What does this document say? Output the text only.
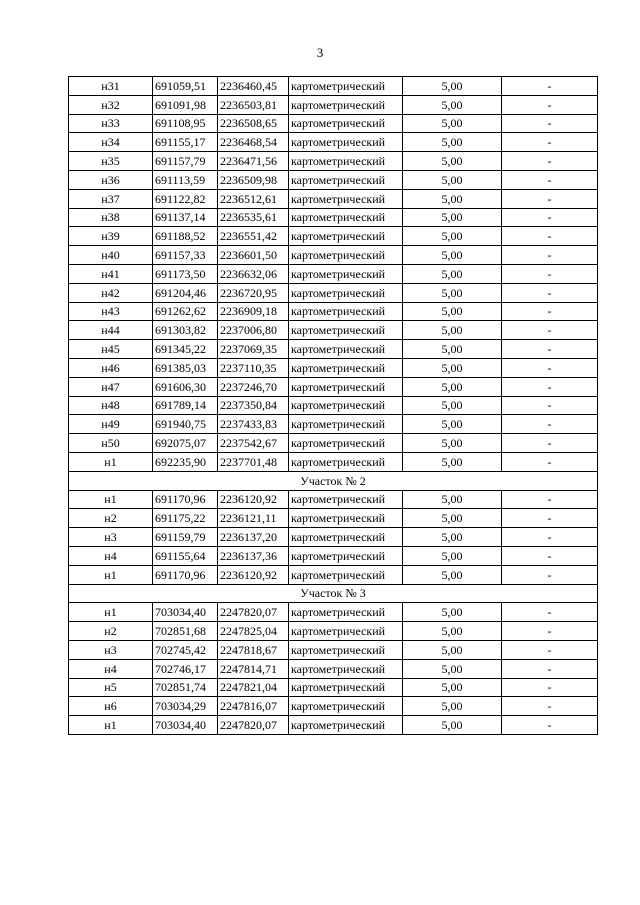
3
н31	691059,51	2236460,45	картометрический	5,00	-
н32	691091,98	2236503,81	картометрический	5,00	-
н33	691108,95	2236508,65	картометрический	5,00	-
н34	691155,17	2236468,54	картометрический	5,00	-
н35	691157,79	2236471,56	картометрический	5,00	-
н36	691113,59	2236509,98	картометрический	5,00	-
н37	691122,82	2236512,61	картометрический	5,00	-
н38	691137,14	2236535,61	картометрический	5,00	-
н39	691188,52	2236551,42	картометрический	5,00	-
н40	691157,33	2236601,50	картометрический	5,00	-
н41	691173,50	2236632,06	картометрический	5,00	-
н42	691204,46	2236720,95	картометрический	5,00	-
н43	691262,62	2236909,18	картометрический	5,00	-
н44	691303,82	2237006,80	картометрический	5,00	-
н45	691345,22	2237069,35	картометрический	5,00	-
н46	691385,03	2237110,35	картометрический	5,00	-
н47	691606,30	2237246,70	картометрический	5,00	-
н48	691789,14	2237350,84	картометрический	5,00	-
н49	691940,75	2237433,83	картометрический	5,00	-
н50	692075,07	2237542,67	картометрический	5,00	-
н1	692235,90	2237701,48	картометрический	5,00	-
Участок № 2					
н1	691170,96	2236120,92	картометрический	5,00	-
н2	691175,22	2236121,11	картометрический	5,00	-
н3	691159,79	2236137,20	картометрический	5,00	-
н4	691155,64	2236137,36	картометрический	5,00	-
н1	691170,96	2236120,92	картометрический	5,00	-
Участок № 3					
н1	703034,40	2247820,07	картометрический	5,00	-
н2	702851,68	2247825,04	картометрический	5,00	-
н3	702745,42	2247818,67	картометрический	5,00	-
н4	702746,17	2247814,71	картометрический	5,00	-
н5	702851,74	2247821,04	картометрический	5,00	-
н6	703034,29	2247816,07	картометрический	5,00	-
н1	703034,40	2247820,07	картометрический	5,00	-
